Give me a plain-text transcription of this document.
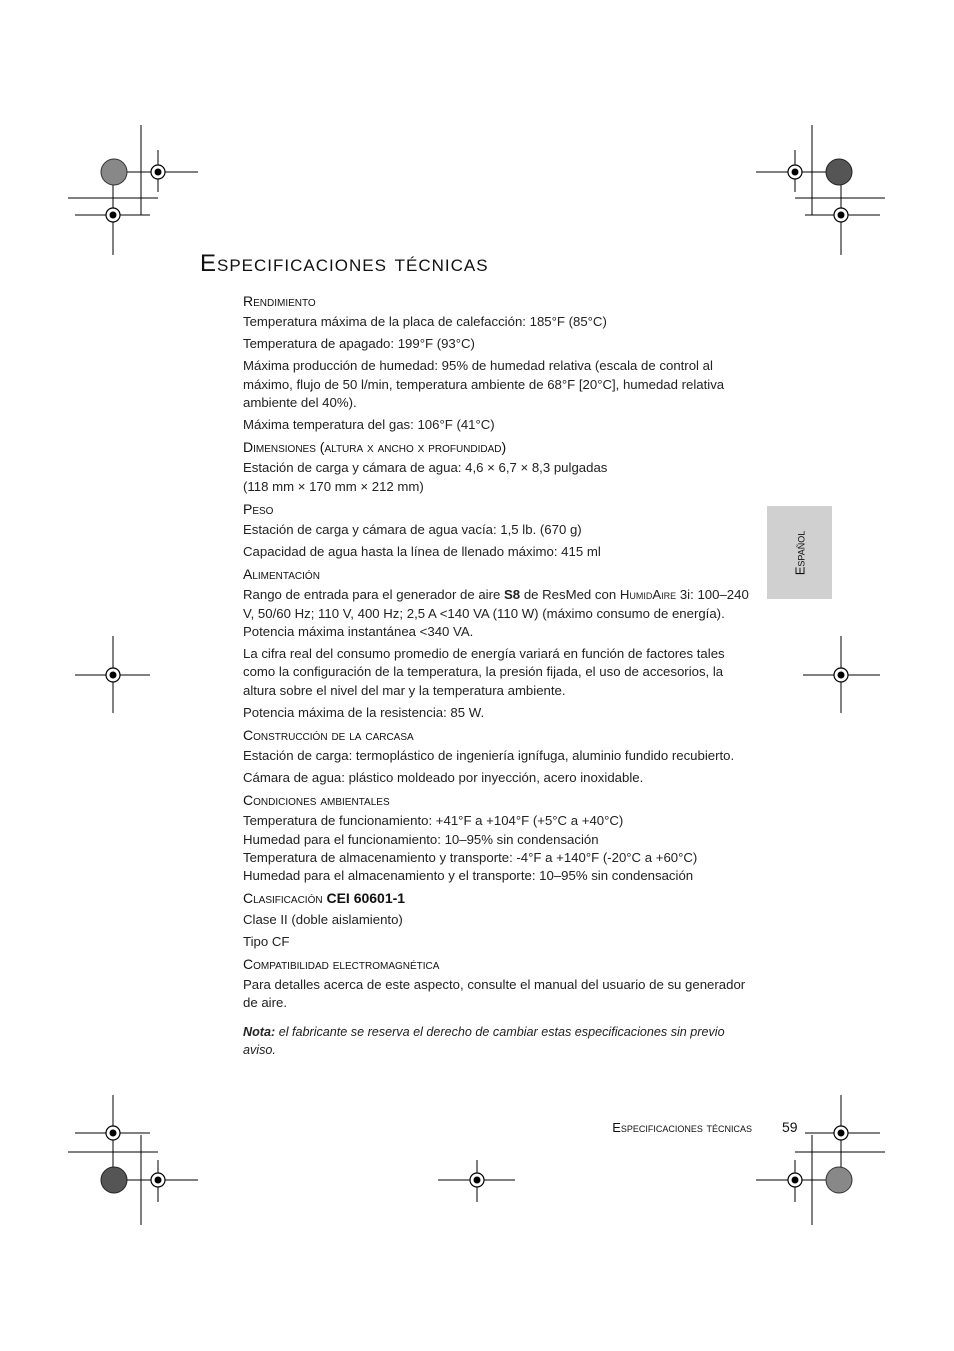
Especificaciones técnicas
Rendimiento
Temperatura máxima de la placa de calefacción: 185°F (85°C)
Temperatura de apagado: 199°F (93°C)
Máxima producción de humedad: 95% de humedad relativa (escala de control al máximo, flujo de 50 l/min, temperatura ambiente de 68°F [20°C], humedad relativa ambiente del 40%).
Máxima temperatura del gas: 106°F (41°C)
Dimensiones (altura x ancho x profundidad)
Estación de carga y cámara de agua: 4,6 × 6,7 × 8,3 pulgadas
(118 mm × 170 mm × 212 mm)
Peso
Estación de carga y cámara de agua vacía: 1,5 lb. (670 g)
Capacidad de agua hasta la línea de llenado máximo: 415 ml
Alimentación
Rango de entrada para el generador de aire S8 de ResMed con HumidAire 3i: 100–240 V, 50/60 Hz; 110 V, 400 Hz; 2,5 A <140 VA (110 W) (máximo consumo de energía). Potencia máxima instantánea <340 VA.
La cifra real del consumo promedio de energía variará en función de factores tales como la configuración de la temperatura, la presión fijada, el uso de accesorios, la altura sobre el nivel del mar y la temperatura ambiente.
Potencia máxima de la resistencia: 85 W.
Construcción de la carcasa
Estación de carga: termoplástico de ingeniería ignífuga, aluminio fundido recubierto.
Cámara de agua: plástico moldeado por inyección, acero inoxidable.
Condiciones ambientales
Temperatura de funcionamiento: +41°F a +104°F (+5°C a +40°C)
Humedad para el funcionamiento: 10–95% sin condensación
Temperatura de almacenamiento y transporte: -4°F a +140°F (-20°C a +60°C)
Humedad para el almacenamiento y el transporte: 10–95% sin condensación
Clasificación CEI 60601-1
Clase II (doble aislamiento)
Tipo CF
Compatibilidad electromagnética
Para detalles acerca de este aspecto, consulte el manual del usuario de su generador de aire.
Nota: el fabricante se reserva el derecho de cambiar estas especificaciones sin previo aviso.
Español
Especificaciones técnicas 59
